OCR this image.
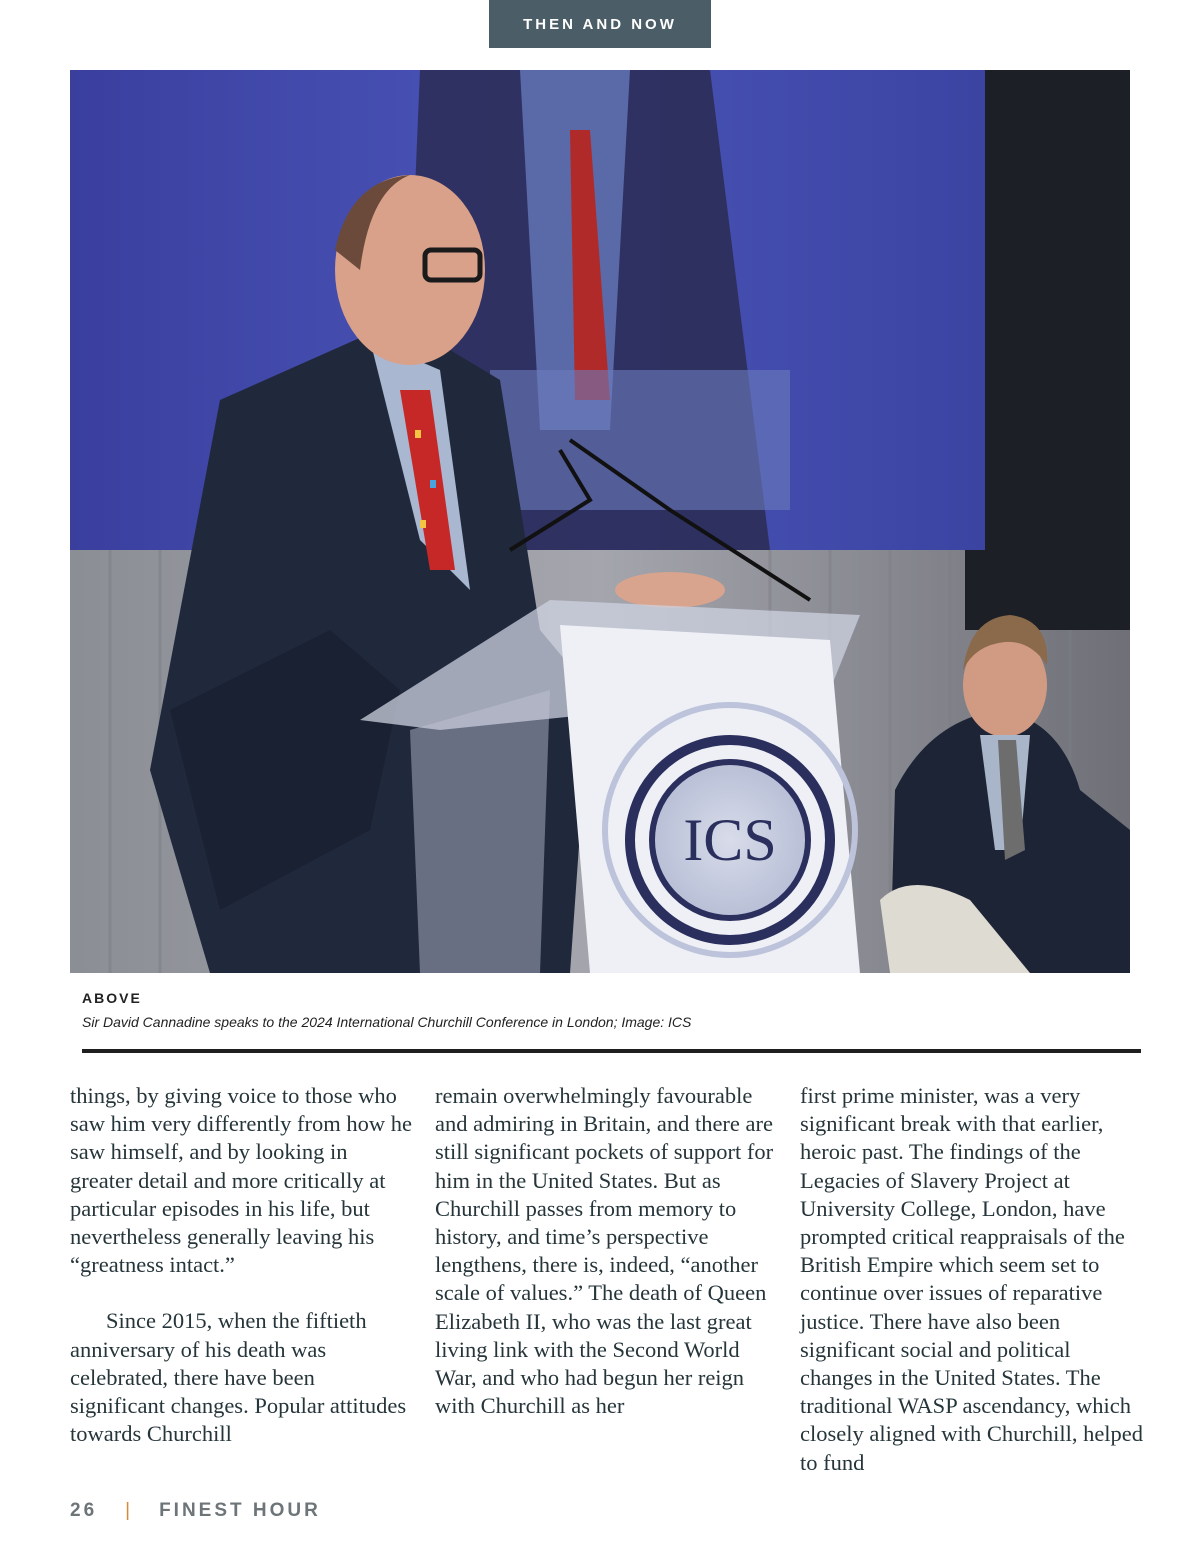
THEN AND NOW
ICS
ABOVE
Sir David Cannadine speaks to the 2024 International Churchill Conference in London; Image: ICS

things, by giving voice to those who saw him very differently from how he saw himself, and by looking in greater detail and more critically at particular episodes in his life, but nevertheless generally leaving his “greatness intact.”

Since 2015, when the fiftieth anniversary of his death was celebrated, there have been significant changes. Popular attitudes towards Churchill

remain overwhelmingly favourable and admiring in Britain, and there are still significant pockets of support for him in the United States. But as Churchill passes from memory to history, and time’s perspective lengthens, there is, indeed, “another scale of values.” The death of Queen Elizabeth II, who was the last great living link with the Second World War, and who had begun her reign with Churchill as her

first prime minister, was a very significant break with that earlier, heroic past. The findings of the Legacies of Slavery Project at University College, London, have prompted critical reappraisals of the British Empire which seem set to continue over issues of reparative justice. There have also been significant social and political changes in the United States. The traditional WASP ascendancy, which closely aligned with Churchill, helped to fund

26 | FINEST HOUR
